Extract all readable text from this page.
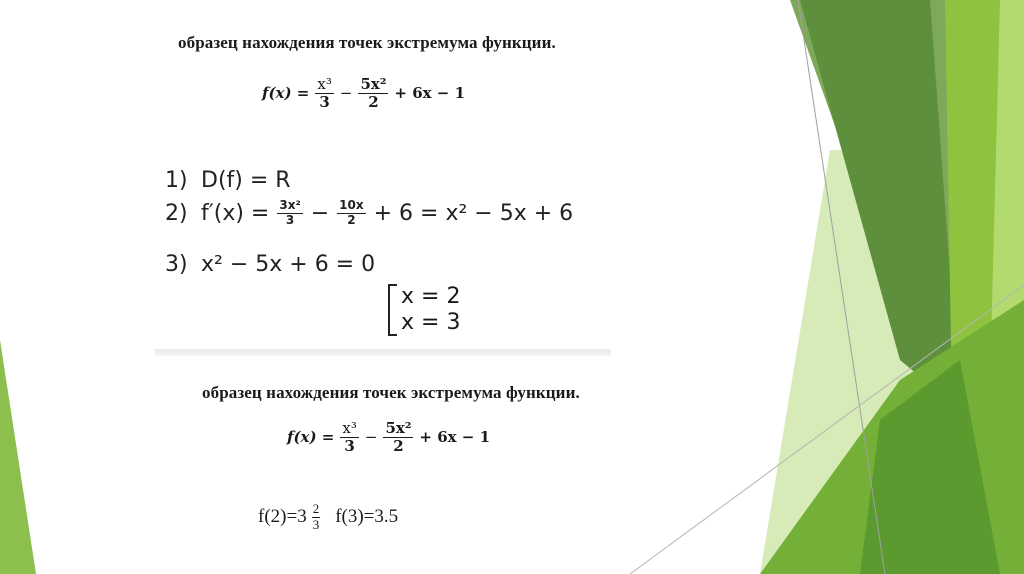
образец нахождения точек экстремума функции.
$f(x) = \frac{\text{x³}}{3} - \frac{\text{5x²}}{2} + 6x - 1$
1) D(f) = R
2) $f'(x) = \frac{\text{3x²}}{3} - \frac{10x}{2} + 6 = x^2 - 5x + 6$
3) x² − 5x + 6 = 0
x = 2
x = 3
образец нахождения точек экстремума функции.
$f(x) = \frac{\text{x³}}{3} - \frac{\text{5x²}}{2} + 6x - 1$
f(2)=3 2
3 f(3)=3.5
